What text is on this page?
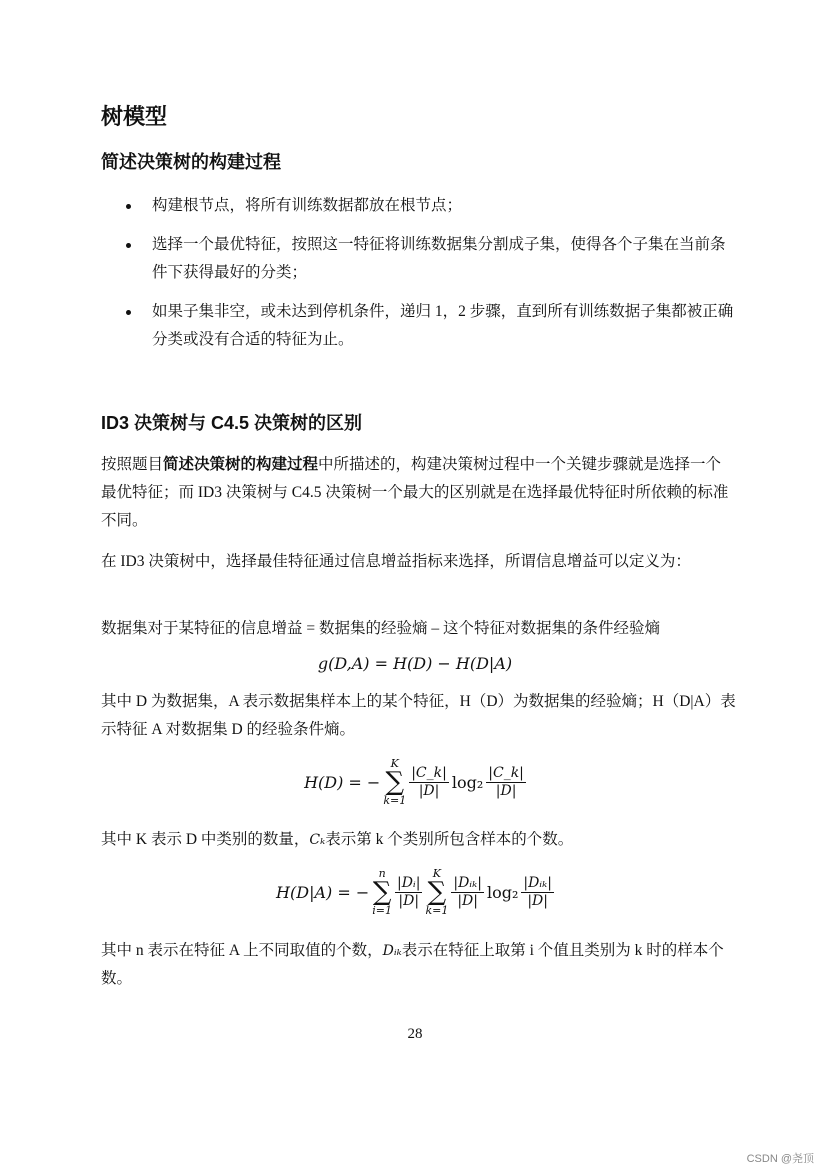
树模型
简述决策树的构建过程
构建根节点，将所有训练数据都放在根节点；
选择一个最优特征，按照这一特征将训练数据集分割成子集，使得各个子集在当前条件下获得最好的分类；
如果子集非空，或未达到停机条件，递归 1，2 步骤，直到所有训练数据子集都被正确分类或没有合适的特征为止。
ID3 决策树与 C4.5 决策树的区别
按照题目简述决策树的构建过程中所描述的，构建决策树过程中一个关键步骤就是选择一个最优特征；而 ID3 决策树与 C4.5 决策树一个最大的区别就是在选择最优特征时所依赖的标准不同。
在 ID3 决策树中，选择最佳特征通过信息增益指标来选择，所谓信息增益可以定义为：
数据集对于某特征的信息增益 = 数据集的经验熵 – 这个特征对数据集的条件经验熵
g(D,A) = H(D) − H(D|A)
其中 D 为数据集，A 表示数据集样本上的某个特征，H（D）为数据集的经验熵；H（D|A）表示特征 A 对数据集 D 的经验条件熵。
H(D) = −
K
∑
k=1
$\frac{|C\_k|}{|D|} \log_2 \frac{|C\_k|}{|D|}$
其中 K 表示 D 中类别的数量，Cₖ表示第 k 个类别所包含样本的个数。
H(D|A) = −
n
∑
i=1
$\frac{\text{|Dᵢ|}}{|D|}$
K
∑
k=1
$\frac{\text{|Dᵢₖ|}}{|D|} \log_2 \frac{\text{|Dᵢₖ|}}{|D|}$
其中 n 表示在特征 A 上不同取值的个数，Dᵢₖ表示在特征上取第 i 个值且类别为 k 时的样本个数。
28
CSDN @尧顶
